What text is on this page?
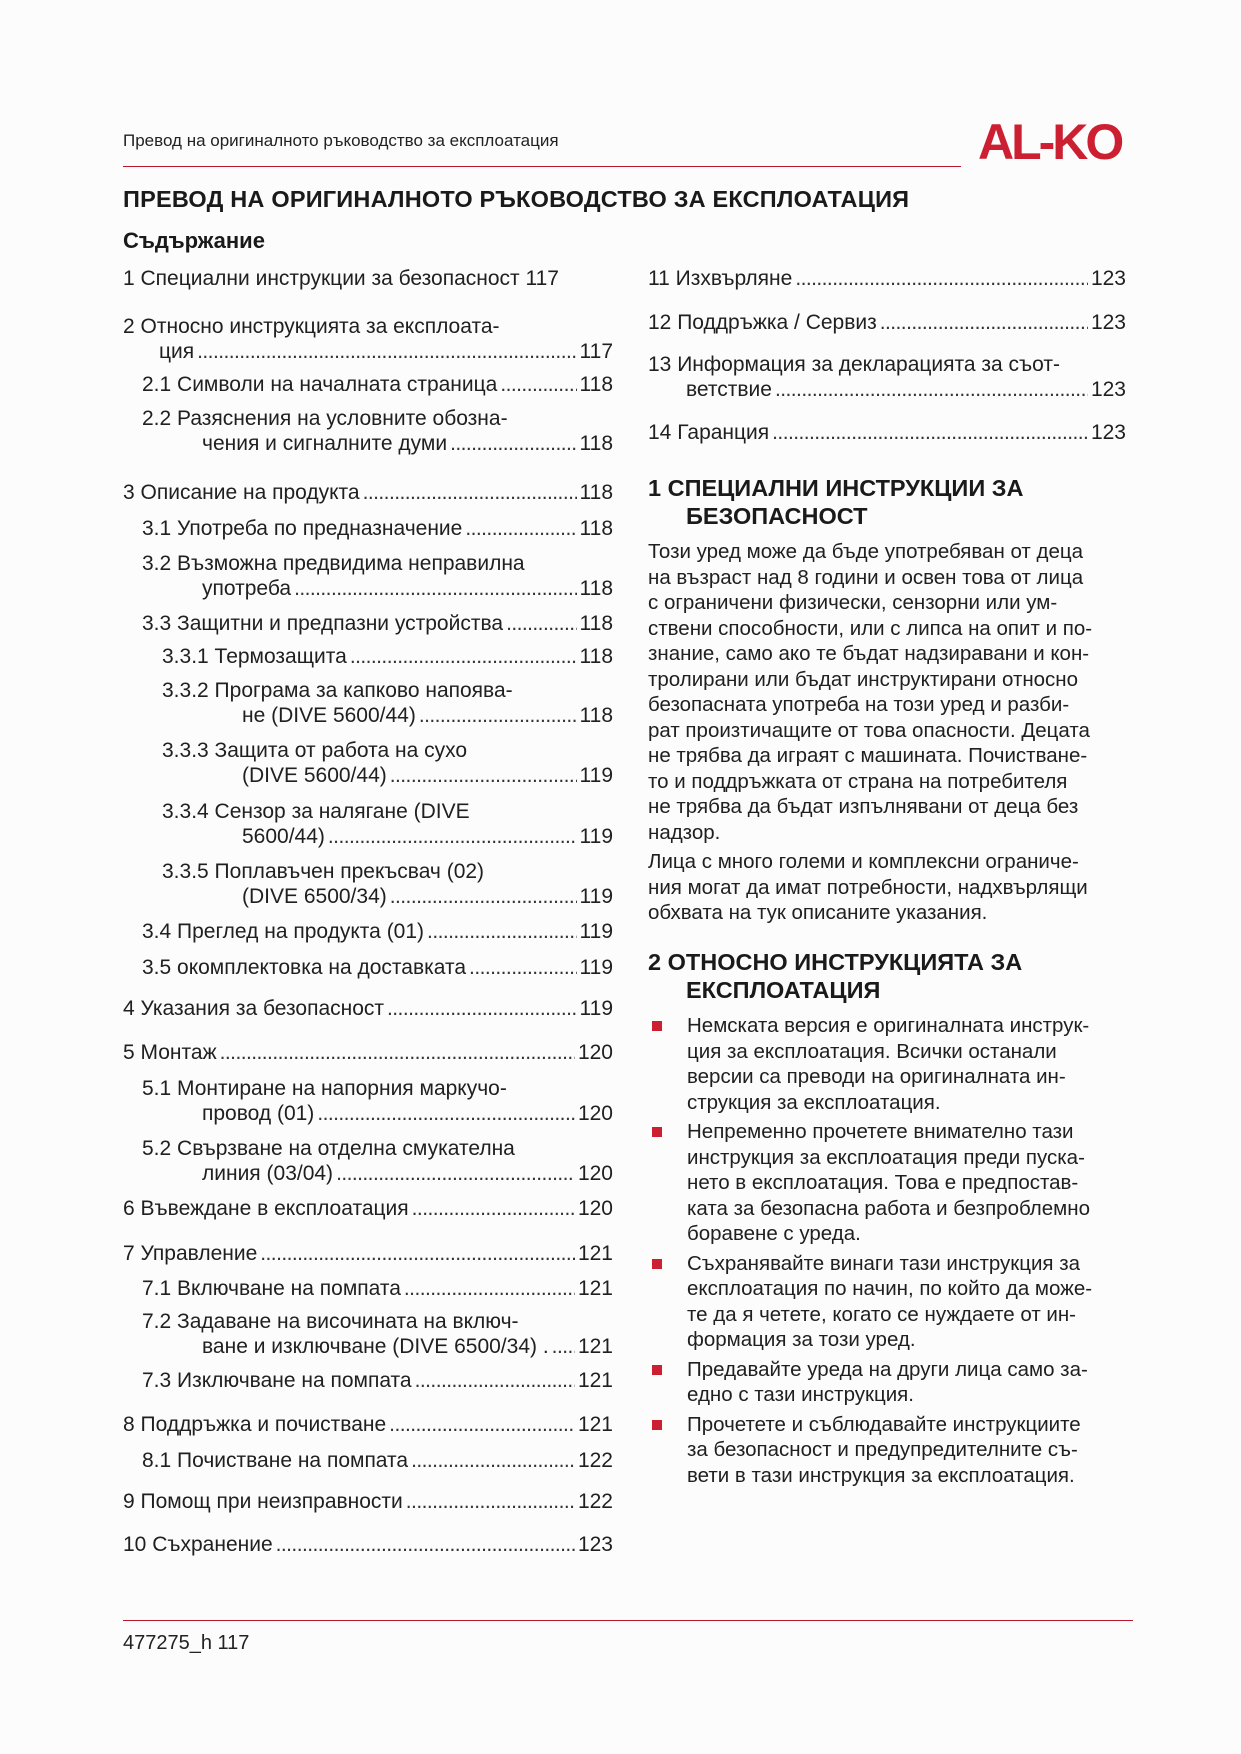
Превод на оригиналното ръководство за експлоатация	AL-KO
ПРЕВОД НА ОРИГИНАЛНОТО РЪКОВОДСТВО ЗА ЕКСПЛОАТАЦИЯ
Съдържание
1 Специални инструкции за безопасност 117
2 Относно инструкцията за експлоата-
ция . . .	117
2.1 Символи на началната страница . . .	118
2.2 Разяснения на условните обозна-
чения и сигналните думи . . .	118
3 Описание на продукта . . .	118
3.1 Употреба по предназначение . . .	118
3.2 Възможна предвидима неправилна
употреба . . .	118
3.3 Защитни и предпазни устройства . . .	118
3.3.1 Термозащита . . .	118
3.3.2 Програма за капково напоява-
не (DIVE 5600/44) . . .	118
3.3.3 Защита от работа на сухо
(DIVE 5600/44) . . .	119
3.3.4 Сензор за налягане (DIVE
5600/44) . . .	119
3.3.5 Поплавъчен прекъсвач (02)
(DIVE 6500/34) . . .	119
3.4 Преглед на продукта (01) . . .	119
3.5 окомплектовка на доставката . . .	119
4 Указания за безопасност . . .	119
5 Монтаж . . .	120
5.1 Монтиране на напорния маркучо-
провод (01) . . .	120
5.2 Свързване на отделна смукателна
линия (03/04) . . .	120
6 Въвеждане в експлоатация . . .	120
7 Управление . . .	121
7.1 Включване на помпата . . .	121
7.2 Задаване на височината на включ-
ване и изключване (DIVE 6500/34) . . . . 121
7.3 Изключване на помпата . . .	121
8 Поддръжка и почистване . . .	121
8.1 Почистване на помпата . . .	122
9 Помощ при неизправности . . .	122
10 Съхранение . . .	123
11 Изхвърляне . . .	123
12 Поддръжка / Сервиз . . .	123
13 Информация за декларацията за съот-
ветствие . . .	123
14 Гаранция . . .	123
1 СПЕЦИАЛНИ ИНСТРУКЦИИ ЗА
БЕЗОПАСНОСТ

Този уред може да бъде употребяван от деца
на възраст над 8 години и освен това от лица
с ограничени физически, сензорни или ум-
ствени способности, или с липса на опит и по-
знание, само ако те бъдат надзиравани и кон-
тролирани или бъдат инструктирани относно
безопасната употреба на този уред и разби-
рат произтичащите от това опасности. Децата
не трябва да играят с машината. Почистване-
то и поддръжката от страна на потребителя
не трябва да бъдат изпълнявани от деца без
надзор.

Лица с много големи и комплексни ограниче-
ния могат да имат потребности, надхвърлящи
обхвата на тук описаните указания.

2 ОТНОСНО ИНСТРУКЦИЯТА ЗА
ЕКСПЛОАТАЦИЯ
Немската версия е оригиналната инструк-
ция за експлоатация. Всички останали
версии са преводи на оригиналната ин-
струкция за експлоатация.
Непременно прочетете внимателно тази
инструкция за експлоатация преди пуска-
нето в експлоатация. Това е предпостав-
ката за безопасна работа и безпроблемно
боравене с уреда.
Съхранявайте винаги тази инструкция за
експлоатация по начин, по който да може-
те да я четете, когато се нуждаете от ин-
формация за този уред.
Предавайте уреда на други лица само за-
едно с тази инструкция.
Прочетете и съблюдавайте инструкциите
за безопасност и предупредителните съ-
вети в тази инструкция за експлоатация.
477275_h 117
